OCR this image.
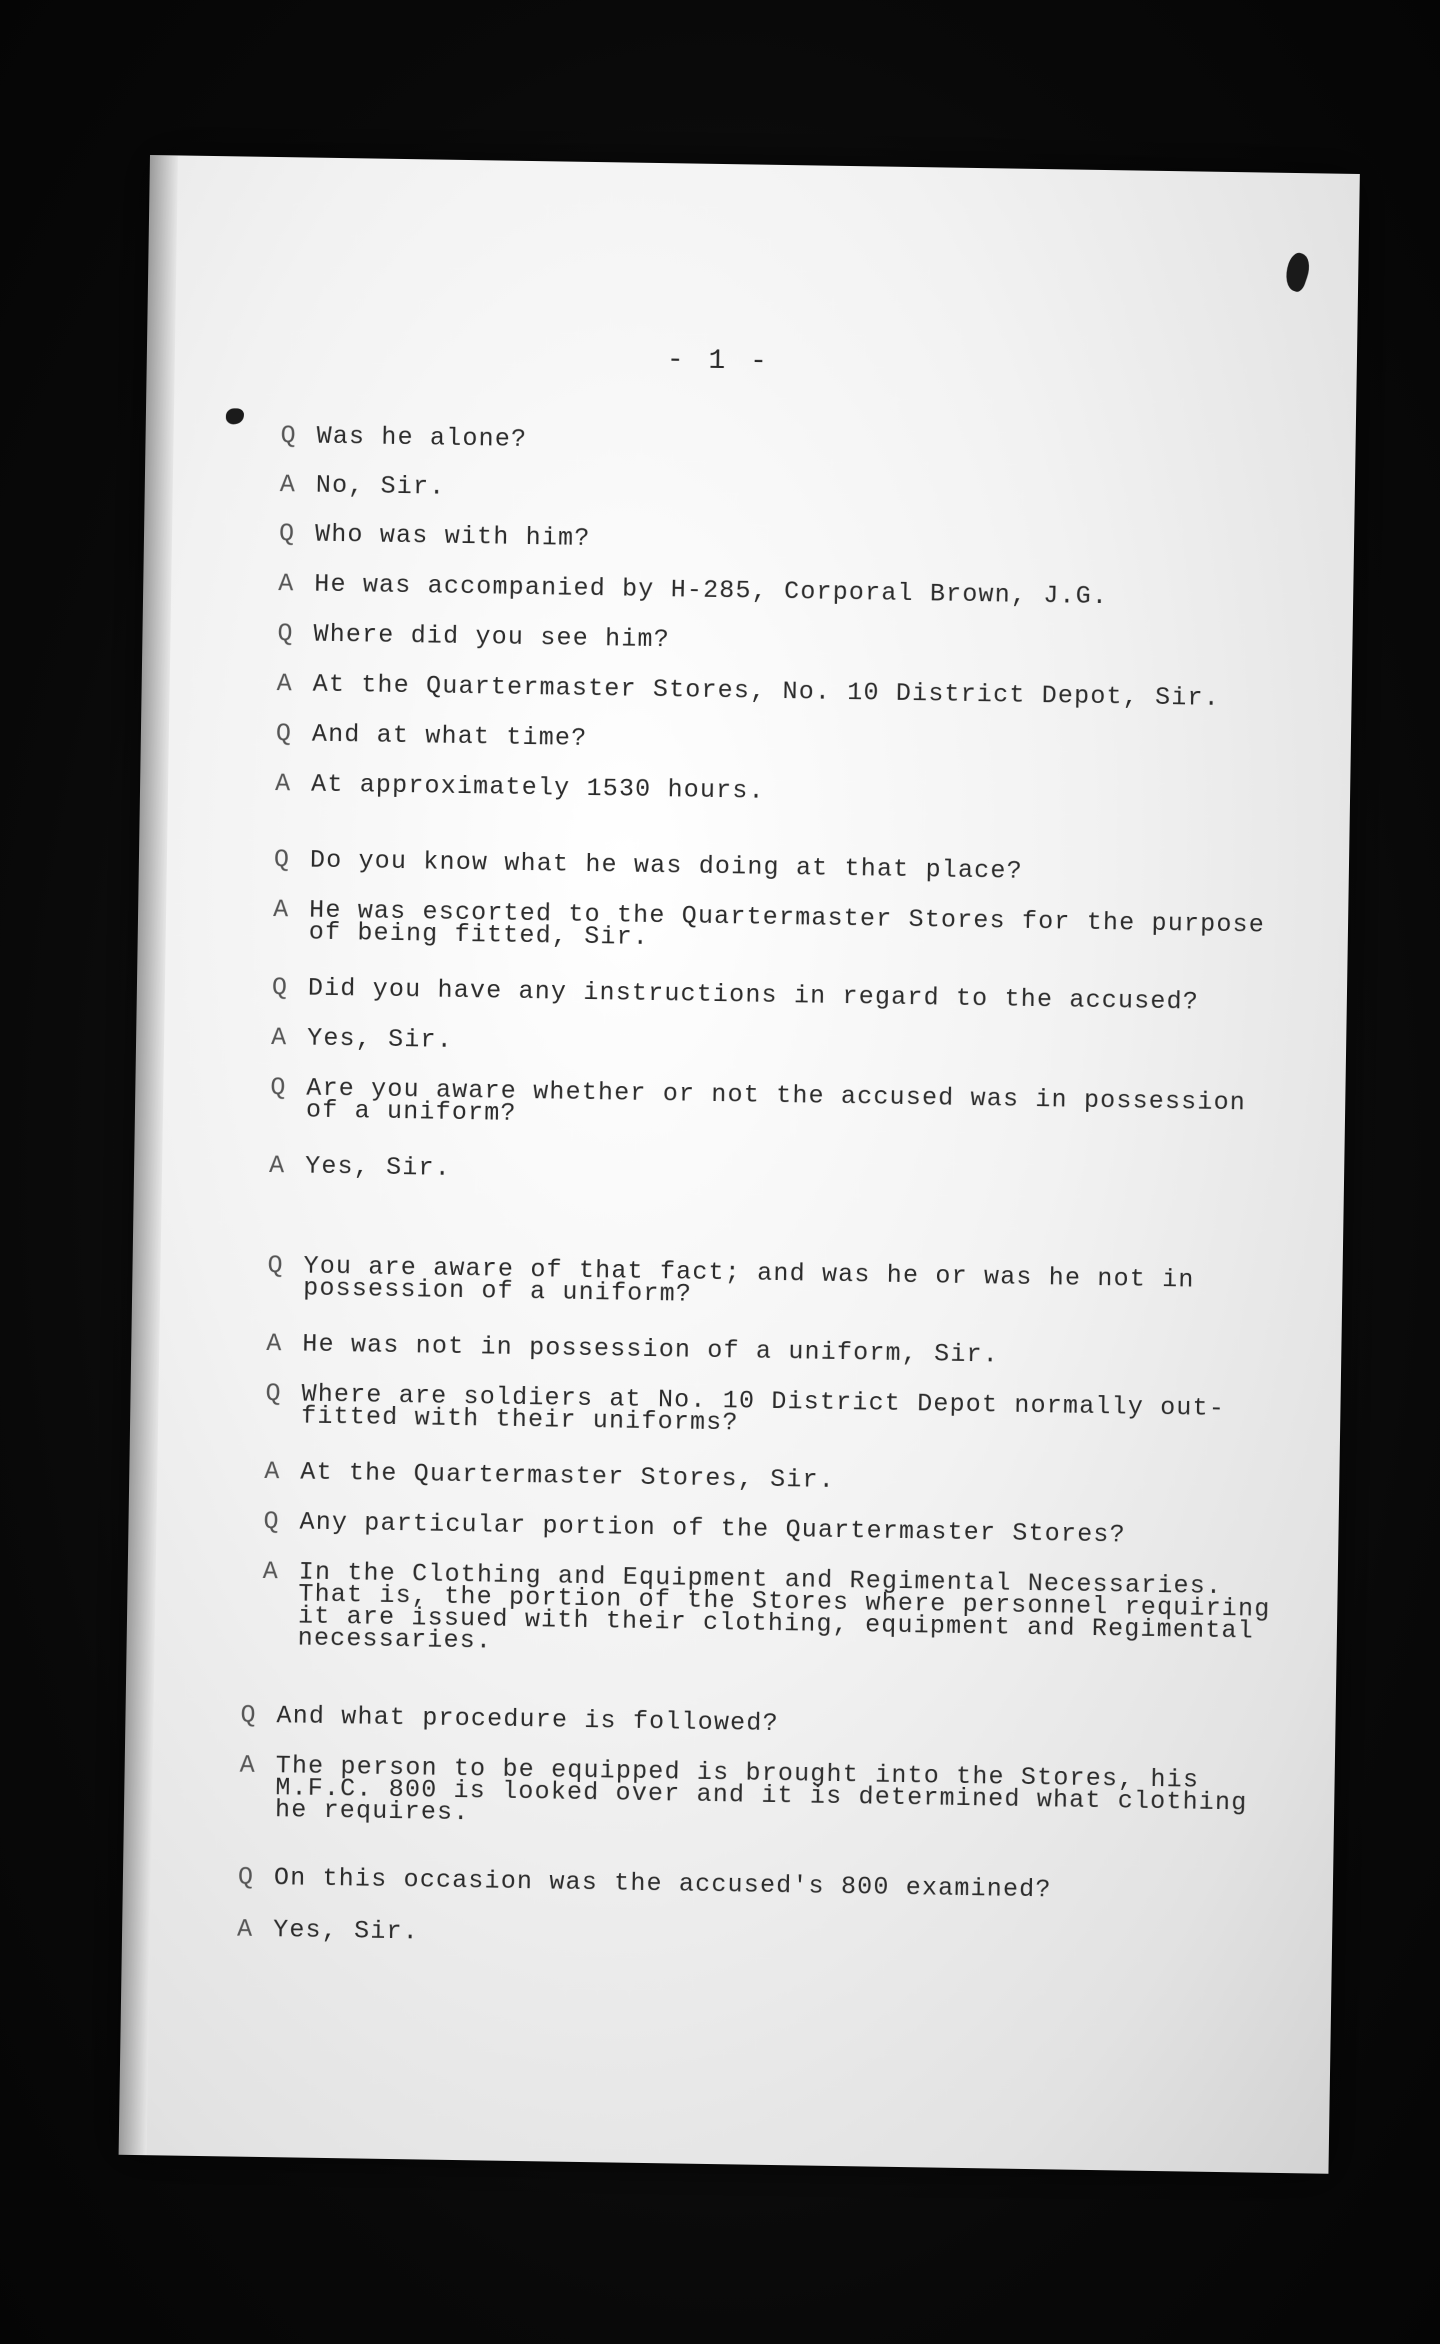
- 1 -
Q Was he alone?
A No, Sir.
Q Who was with him?
A He was accompanied by H-285, Corporal Brown, J.G.
Q Where did you see him?
A At the Quartermaster Stores, No. 10 District Depot, Sir.
Q And at what time?
A At approximately 1530 hours.
Q Do you know what he was doing at that place?
A He was escorted to the Quartermaster Stores for the purpose
of being fitted, Sir.
Q Did you have any instructions in regard to the accused?
A Yes, Sir.
Q Are you aware whether or not the accused was in possession
of a uniform?
A Yes, Sir.
Q You are aware of that fact; and was he or was he not in
possession of a uniform?
A He was not in possession of a uniform, Sir.
Q Where are soldiers at No. 10 District Depot normally out-
fitted with their uniforms?
A At the Quartermaster Stores, Sir.
Q Any particular portion of the Quartermaster Stores?
A In the Clothing and Equipment and Regimental Necessaries.
That is, the portion of the Stores where personnel requiring
it are issued with their clothing, equipment and Regimental
necessaries.
Q And what procedure is followed?
A The person to be equipped is brought into the Stores, his
M.F.C. 800 is looked over and it is determined what clothing
he requires.
Q On this occasion was the accused's 800 examined?
A Yes, Sir.
